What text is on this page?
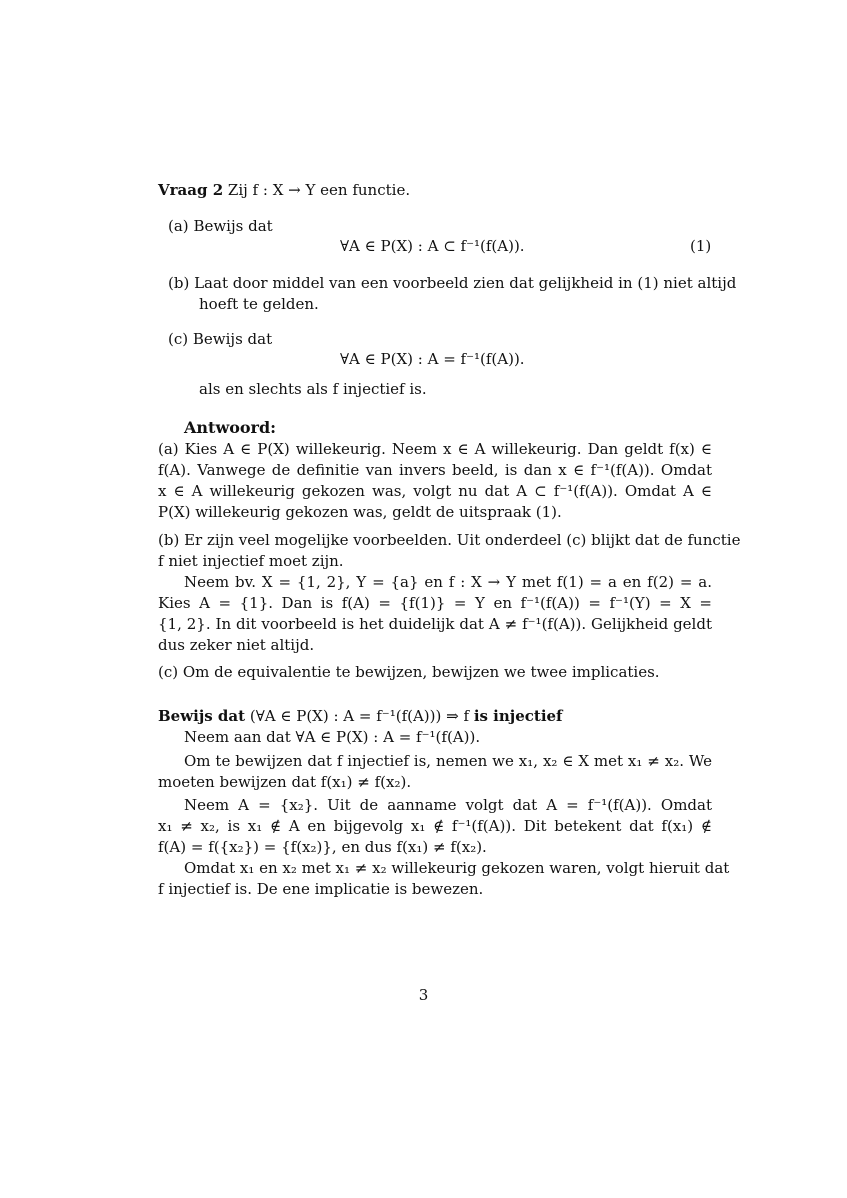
Vraag 2 Zij f : X → Y een functie.
(a) Bewijs dat
∀A ∈ P(X) : A ⊂ f⁻¹(f(A)).	(1)
(b) Laat door middel van een voorbeeld zien dat gelijkheid in (1) niet altijd
hoeft te gelden.
(c) Bewijs dat
∀A ∈ P(X) : A = f⁻¹(f(A)).
als en slechts als f injectief is.
Antwoord:
(a) Kies A ∈ P(X) willekeurig. Neem x ∈ A willekeurig. Dan geldt f(x) ∈
f(A). Vanwege de definitie van invers beeld, is dan x ∈ f⁻¹(f(A)). Omdat
x ∈ A willekeurig gekozen was, volgt nu dat A ⊂ f⁻¹(f(A)). Omdat A ∈
P(X) willekeurig gekozen was, geldt de uitspraak (1).
(b) Er zijn veel mogelijke voorbeelden. Uit onderdeel (c) blijkt dat de functie
f niet injectief moet zijn.
Neem bv. X = {1, 2}, Y = {a} en f : X → Y met f(1) = a en f(2) = a.
Kies A = {1}. Dan is f(A) = {f(1)} = Y en f⁻¹(f(A)) = f⁻¹(Y) = X =
{1, 2}. In dit voorbeeld is het duidelijk dat A ≠ f⁻¹(f(A)). Gelijkheid geldt
dus zeker niet altijd.
(c) Om de equivalentie te bewijzen, bewijzen we twee implicaties.
Bewijs dat (∀A ∈ P(X) : A = f⁻¹(f(A))) ⇒ f is injectief
Neem aan dat ∀A ∈ P(X) : A = f⁻¹(f(A)).
Om te bewijzen dat f injectief is, nemen we x₁, x₂ ∈ X met x₁ ≠ x₂. We
moeten bewijzen dat f(x₁) ≠ f(x₂).
Neem A = {x₂}. Uit de aanname volgt dat A = f⁻¹(f(A)). Omdat
x₁ ≠ x₂, is x₁ ∉ A en bijgevolg x₁ ∉ f⁻¹(f(A)). Dit betekent dat f(x₁) ∉
f(A) = f({x₂}) = {f(x₂)}, en dus f(x₁) ≠ f(x₂).
Omdat x₁ en x₂ met x₁ ≠ x₂ willekeurig gekozen waren, volgt hieruit dat
f injectief is. De ene implicatie is bewezen.
3
